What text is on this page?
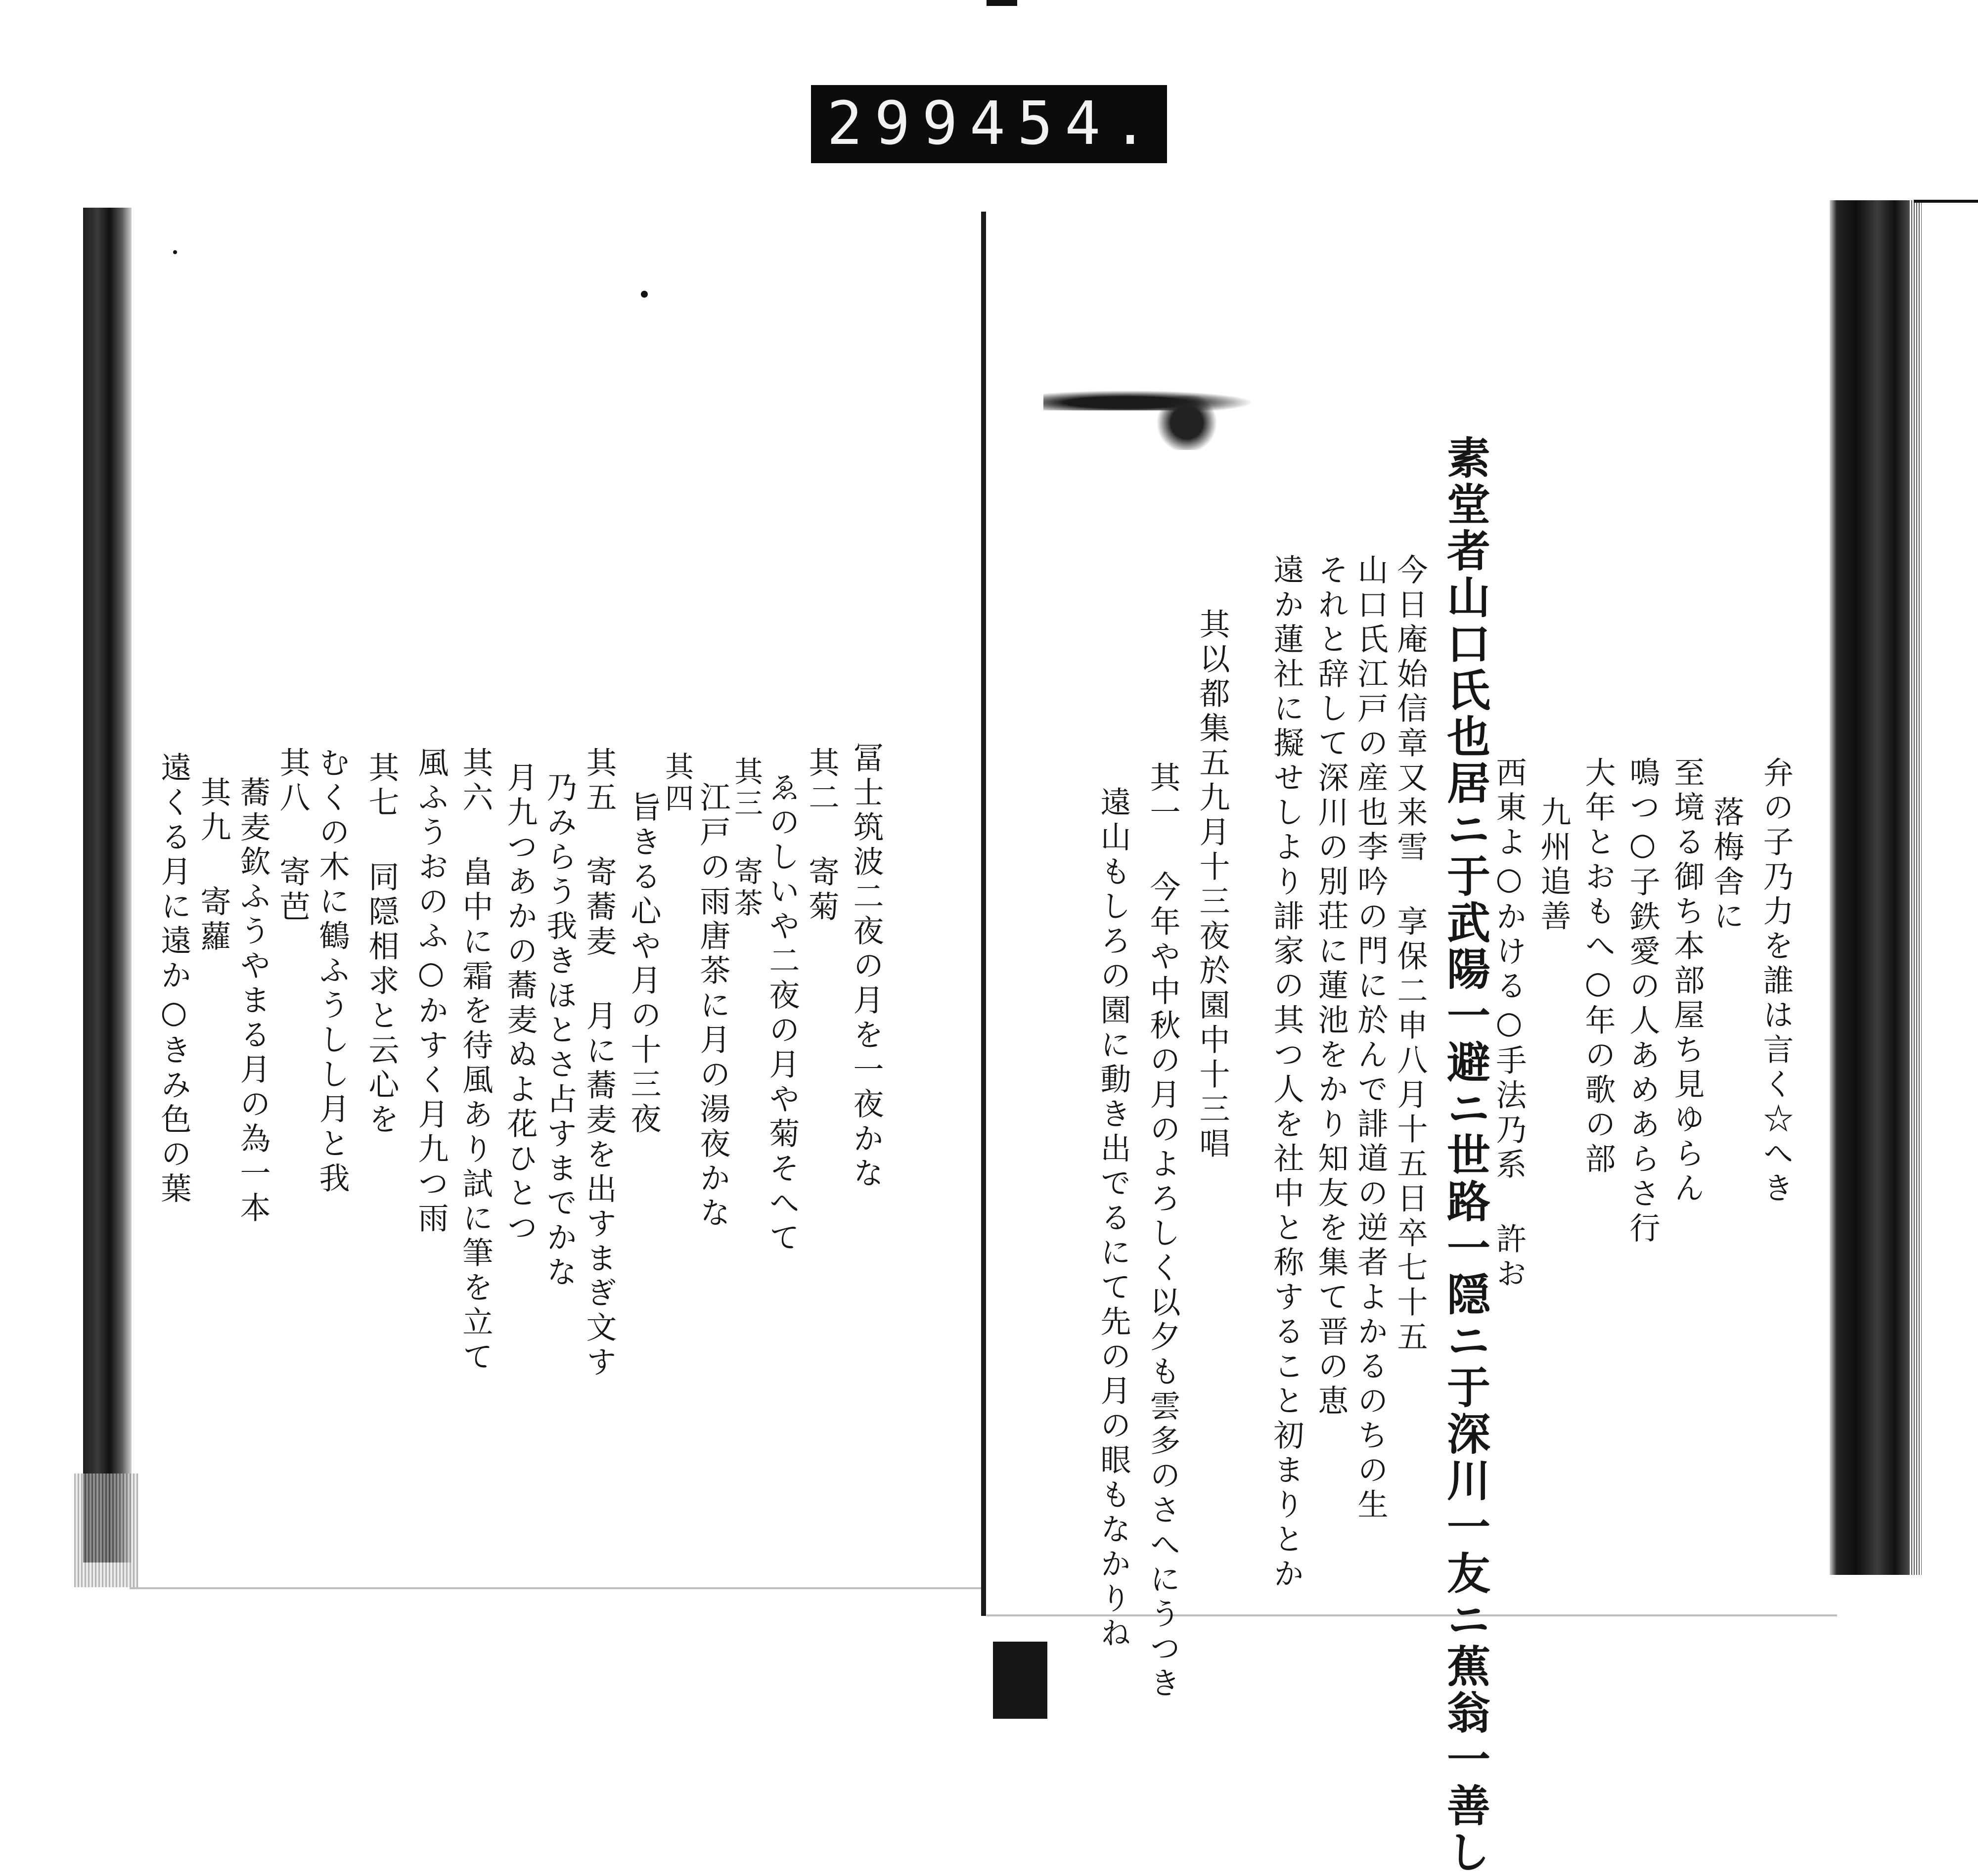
299 454.
弁の子乃力を誰は言く☆へき
落梅舎に
至境る御ち本部屋ち見ゆらん
鳴つ○子鉄愛の人あめあらさ行
大年とおもへ○年の歌の部
九州追善
西東よ○かける○手法乃系 許お
素堂者山口氏也居ニ于武陽一避ニ世路一隠ニ于深川一友ニ蕉翁一善し
今日庵始信章又来雪 享保二申八月十五日卒七十五
山口氏江戸の産也李吟の門に於んで誹道の逆者よかるのちの生
それと辞して深川の別荘に蓮池をかり知友を集て晋の恵
遠か蓮社に擬せしより誹家の其つ人を社中と称すること初まりとか
其以都集五九月十三夜於園中十三唱
其一 今年や中秋の月のよろしく以夕も雲多のさへにうつき
遠山もしろの園に動き出でるにて先の月の眼もなかりね
冨士筑波二夜の月を一夜かな
其二 寄菊
ゑのしいや二夜の月や菊そへて
其三 寄茶
江戸の雨唐茶に月の湯夜かな
其四
旨きる心や月の十三夜
其五 寄蕎麦 月に蕎麦を出すまぎ文す
乃みらう我きほとさ占すまでかな
月九つあかの蕎麦ぬよ花ひとつ
其六 畠中に霜を待風あり試に筆を立て
風ふうおのふ○かすく月九つ雨
其七 同隠相求と云心を
むくの木に鶴ふうしし月と我
其八 寄芭
蕎麦欽ふうやまる月の為一本
其九 寄蘿
遠くる月に遠か○きみ色の葉
